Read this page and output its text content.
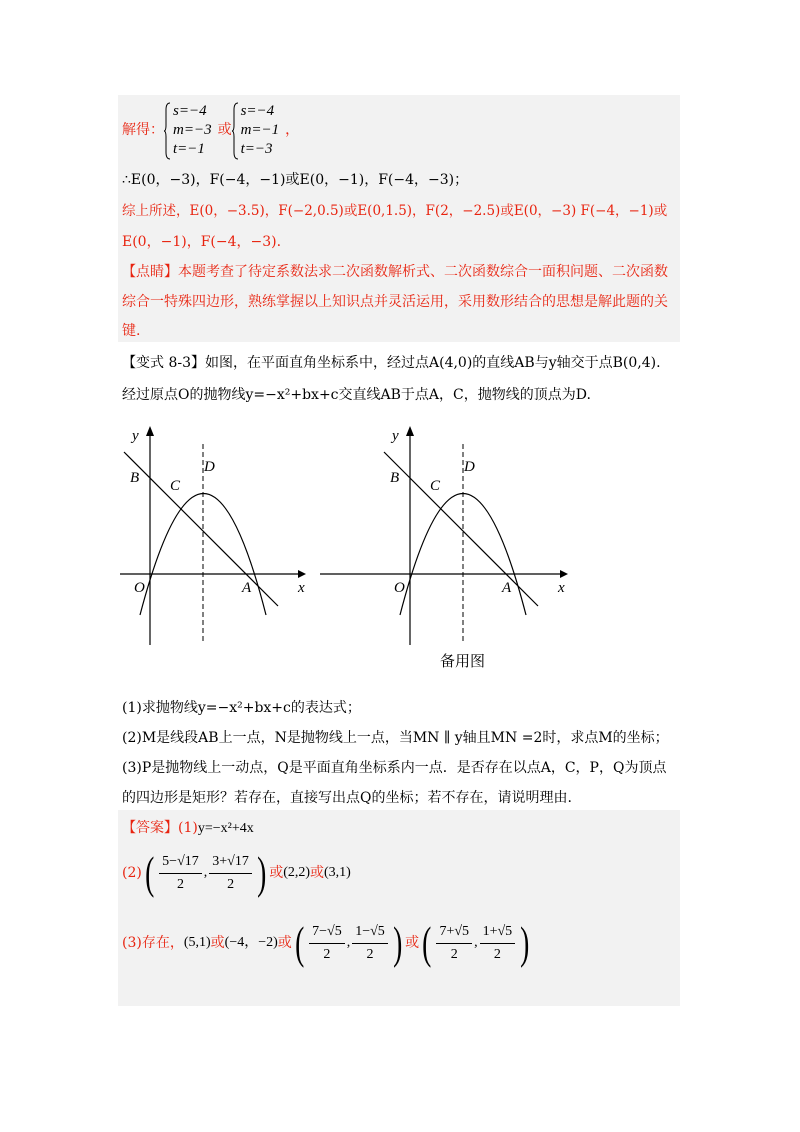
解得：
s=−4
m=−3
t=−1
或
s=−4
m=−1
t=−3
，
∴E(0，−3)，F(−4，−1)或E(0，−1)，F(−4，−3)；
综上所述，E(0，−3.5)，F(−2,0.5)或E(0,1.5)，F(2，−2.5)或E(0，−3) F(−4，−1)或
E(0，−1)，F(−4，−3).
【点睛】本题考查了待定系数法求二次函数解析式、二次函数综合一面积问题、二次函数
综合一特殊四边形，熟练掌握以上知识点并灵活运用，采用数形结合的思想是解此题的关
键.
【变式 8-3】如图，在平面直角坐标系中，经过点A(4,0)的直线AB与y轴交于点B(0,4).
经过原点O的抛物线y=−x²+bx+c交直线AB于点A，C，抛物线的顶点为D.
y
x
B C
D
O	A
y
x
B C
D
O	A
备用图
(1)求抛物线y=−x²+bx+c的表达式；
(2)M是线段AB上一点，N是抛物线上一点，当MN ∥ y轴且MN =2时，求点M的坐标；
(3)P是抛物线上一动点，Q是平面直角坐标系内一点．是否存在以点A，C，P，Q为顶点
的四边形是矩形？若存在，直接写出点Q的坐标；若不存在，请说明理由.
【答案】(1)y=−x²+4x
(2) ( $\frac{5-√17}{2}$ , $\frac{3+√17}{2}$ ) 或 (2,2) 或 (3,1)
(3) 存在， (5,1) 或 (−4，−2) 或 ( $\frac{7-√5}{2}$ , $\frac{1-√5}{2}$ ) 或 ( $\frac{7+√5}{2}$ , $\frac{1+√5}{2}$ )
